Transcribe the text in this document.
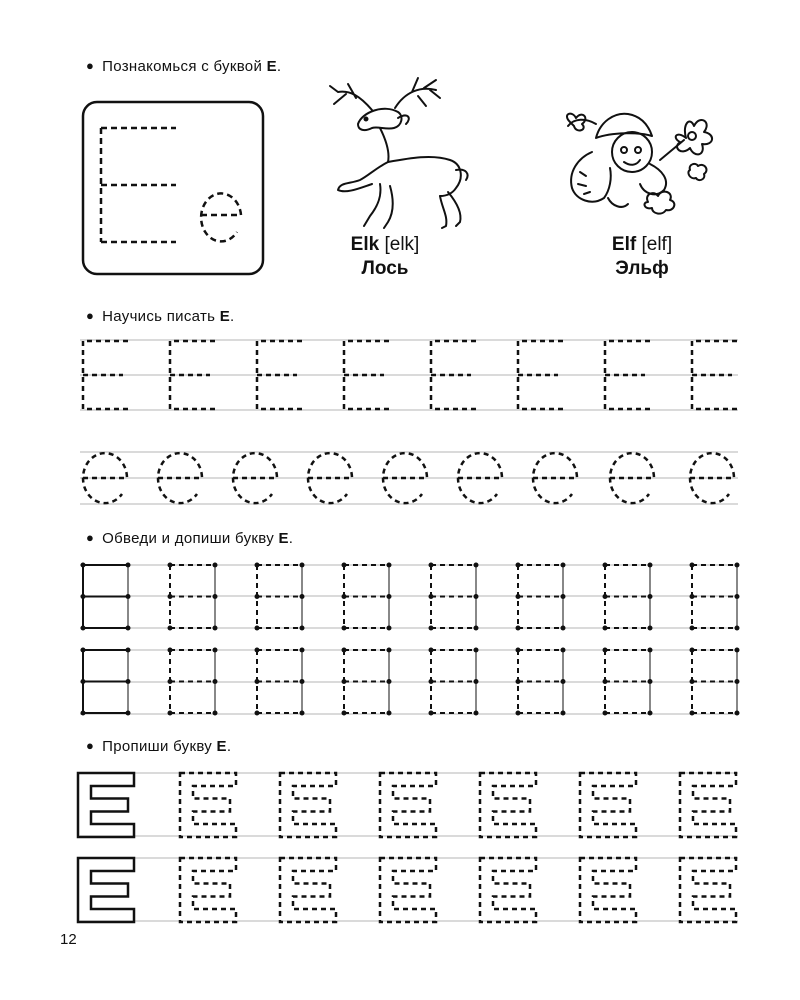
● Познакомься с буквой Е.
● Научись писать Е.
● Обведи и допиши букву Е.
● Пропиши букву Е.
Elk [elk]
Лось
Elf [elf]
Эльф
12
